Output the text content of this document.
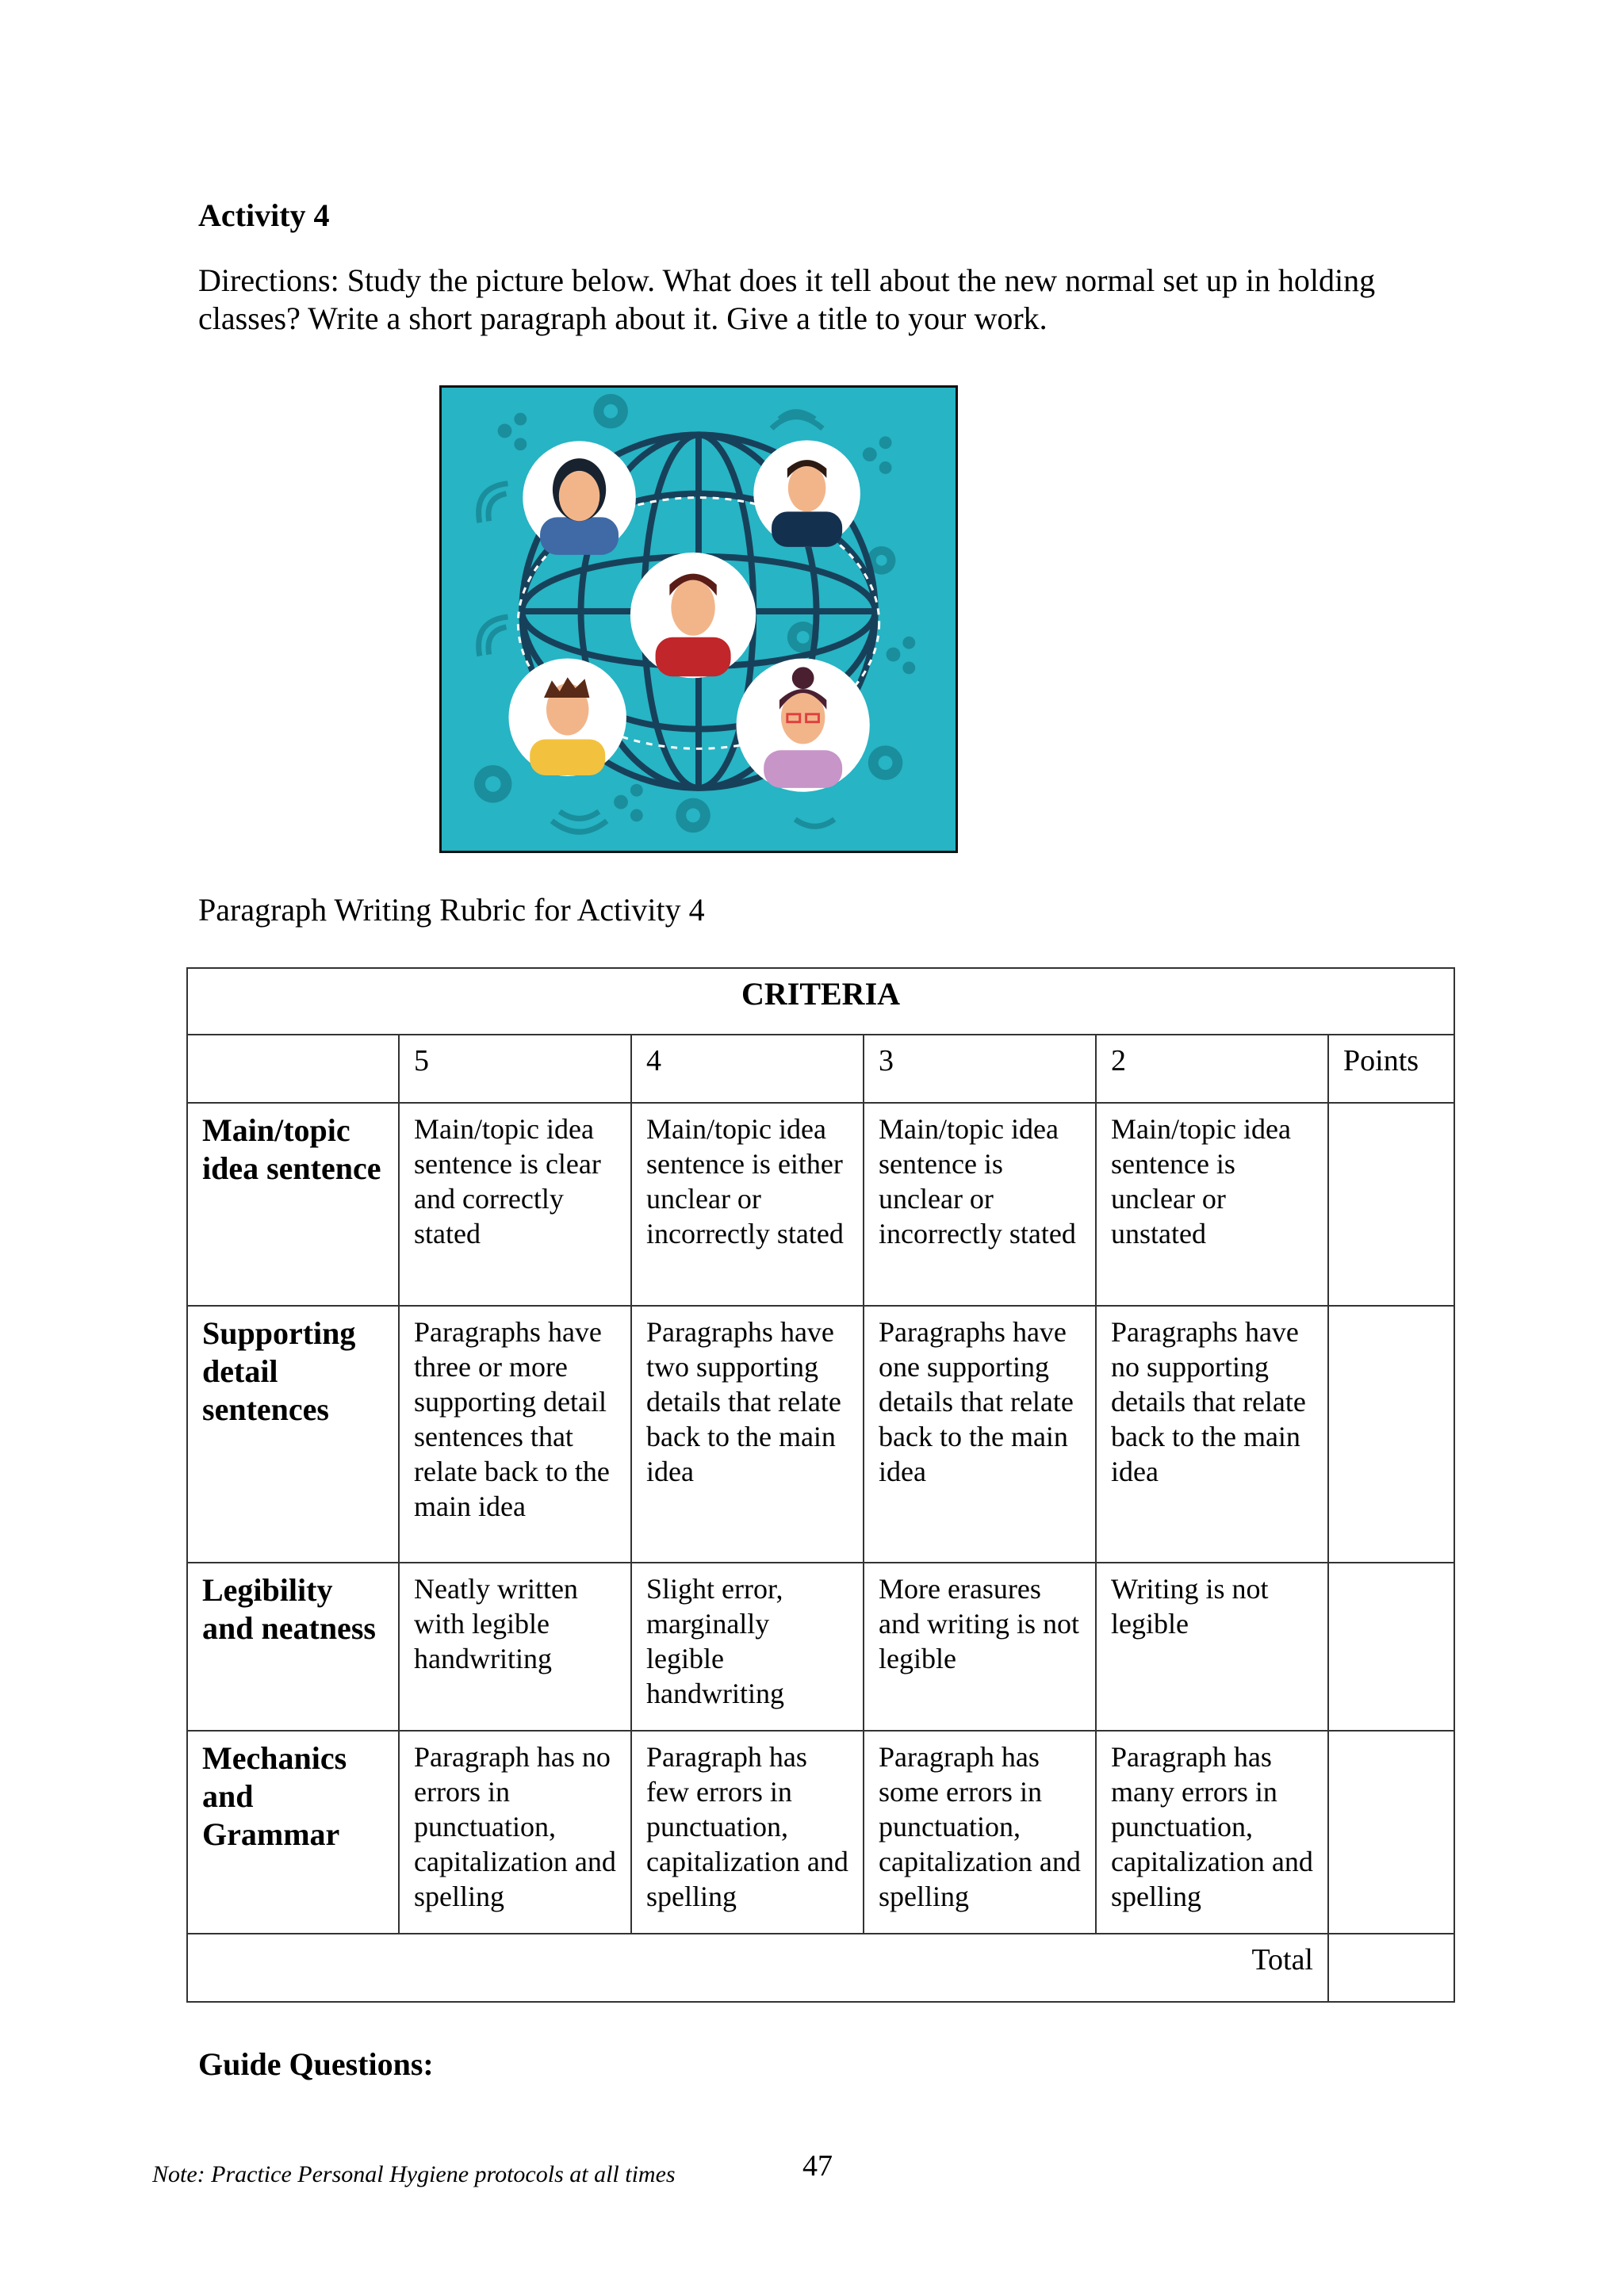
Activity 4
Directions: Study the picture below. What does it tell about the new normal set up in holding classes? Write a short paragraph about it. Give a title to your work.
Paragraph Writing Rubric for Activity 4
CRITERIA					
	5	4	3	2	Points
Main/topic idea sentence	Main/topic idea sentence is clear and correctly stated	Main/topic idea sentence is either unclear or incorrectly stated	Main/topic idea sentence is unclear or incorrectly stated	Main/topic idea sentence is unclear or unstated	
Supporting detail sentences	Paragraphs have three or more supporting detail sentences that relate back to the main idea	Paragraphs have two supporting details that relate back to the main idea	Paragraphs have one supporting details that relate back to the main idea	Paragraphs have no supporting details that relate back to the main idea	
Legibility and neatness	Neatly written with legible handwriting	Slight error, marginally legible handwriting	More erasures and writing is not legible	Writing is not legible	
Mechanics and Grammar	Paragraph has no errors in punctuation, capitalization and spelling	Paragraph has few errors in punctuation, capitalization and spelling	Paragraph has some errors in punctuation, capitalization and spelling	Paragraph has many errors in punctuation, capitalization and spelling	
Total					
Guide Questions:
Note: Practice Personal Hygiene protocols at all times	47
